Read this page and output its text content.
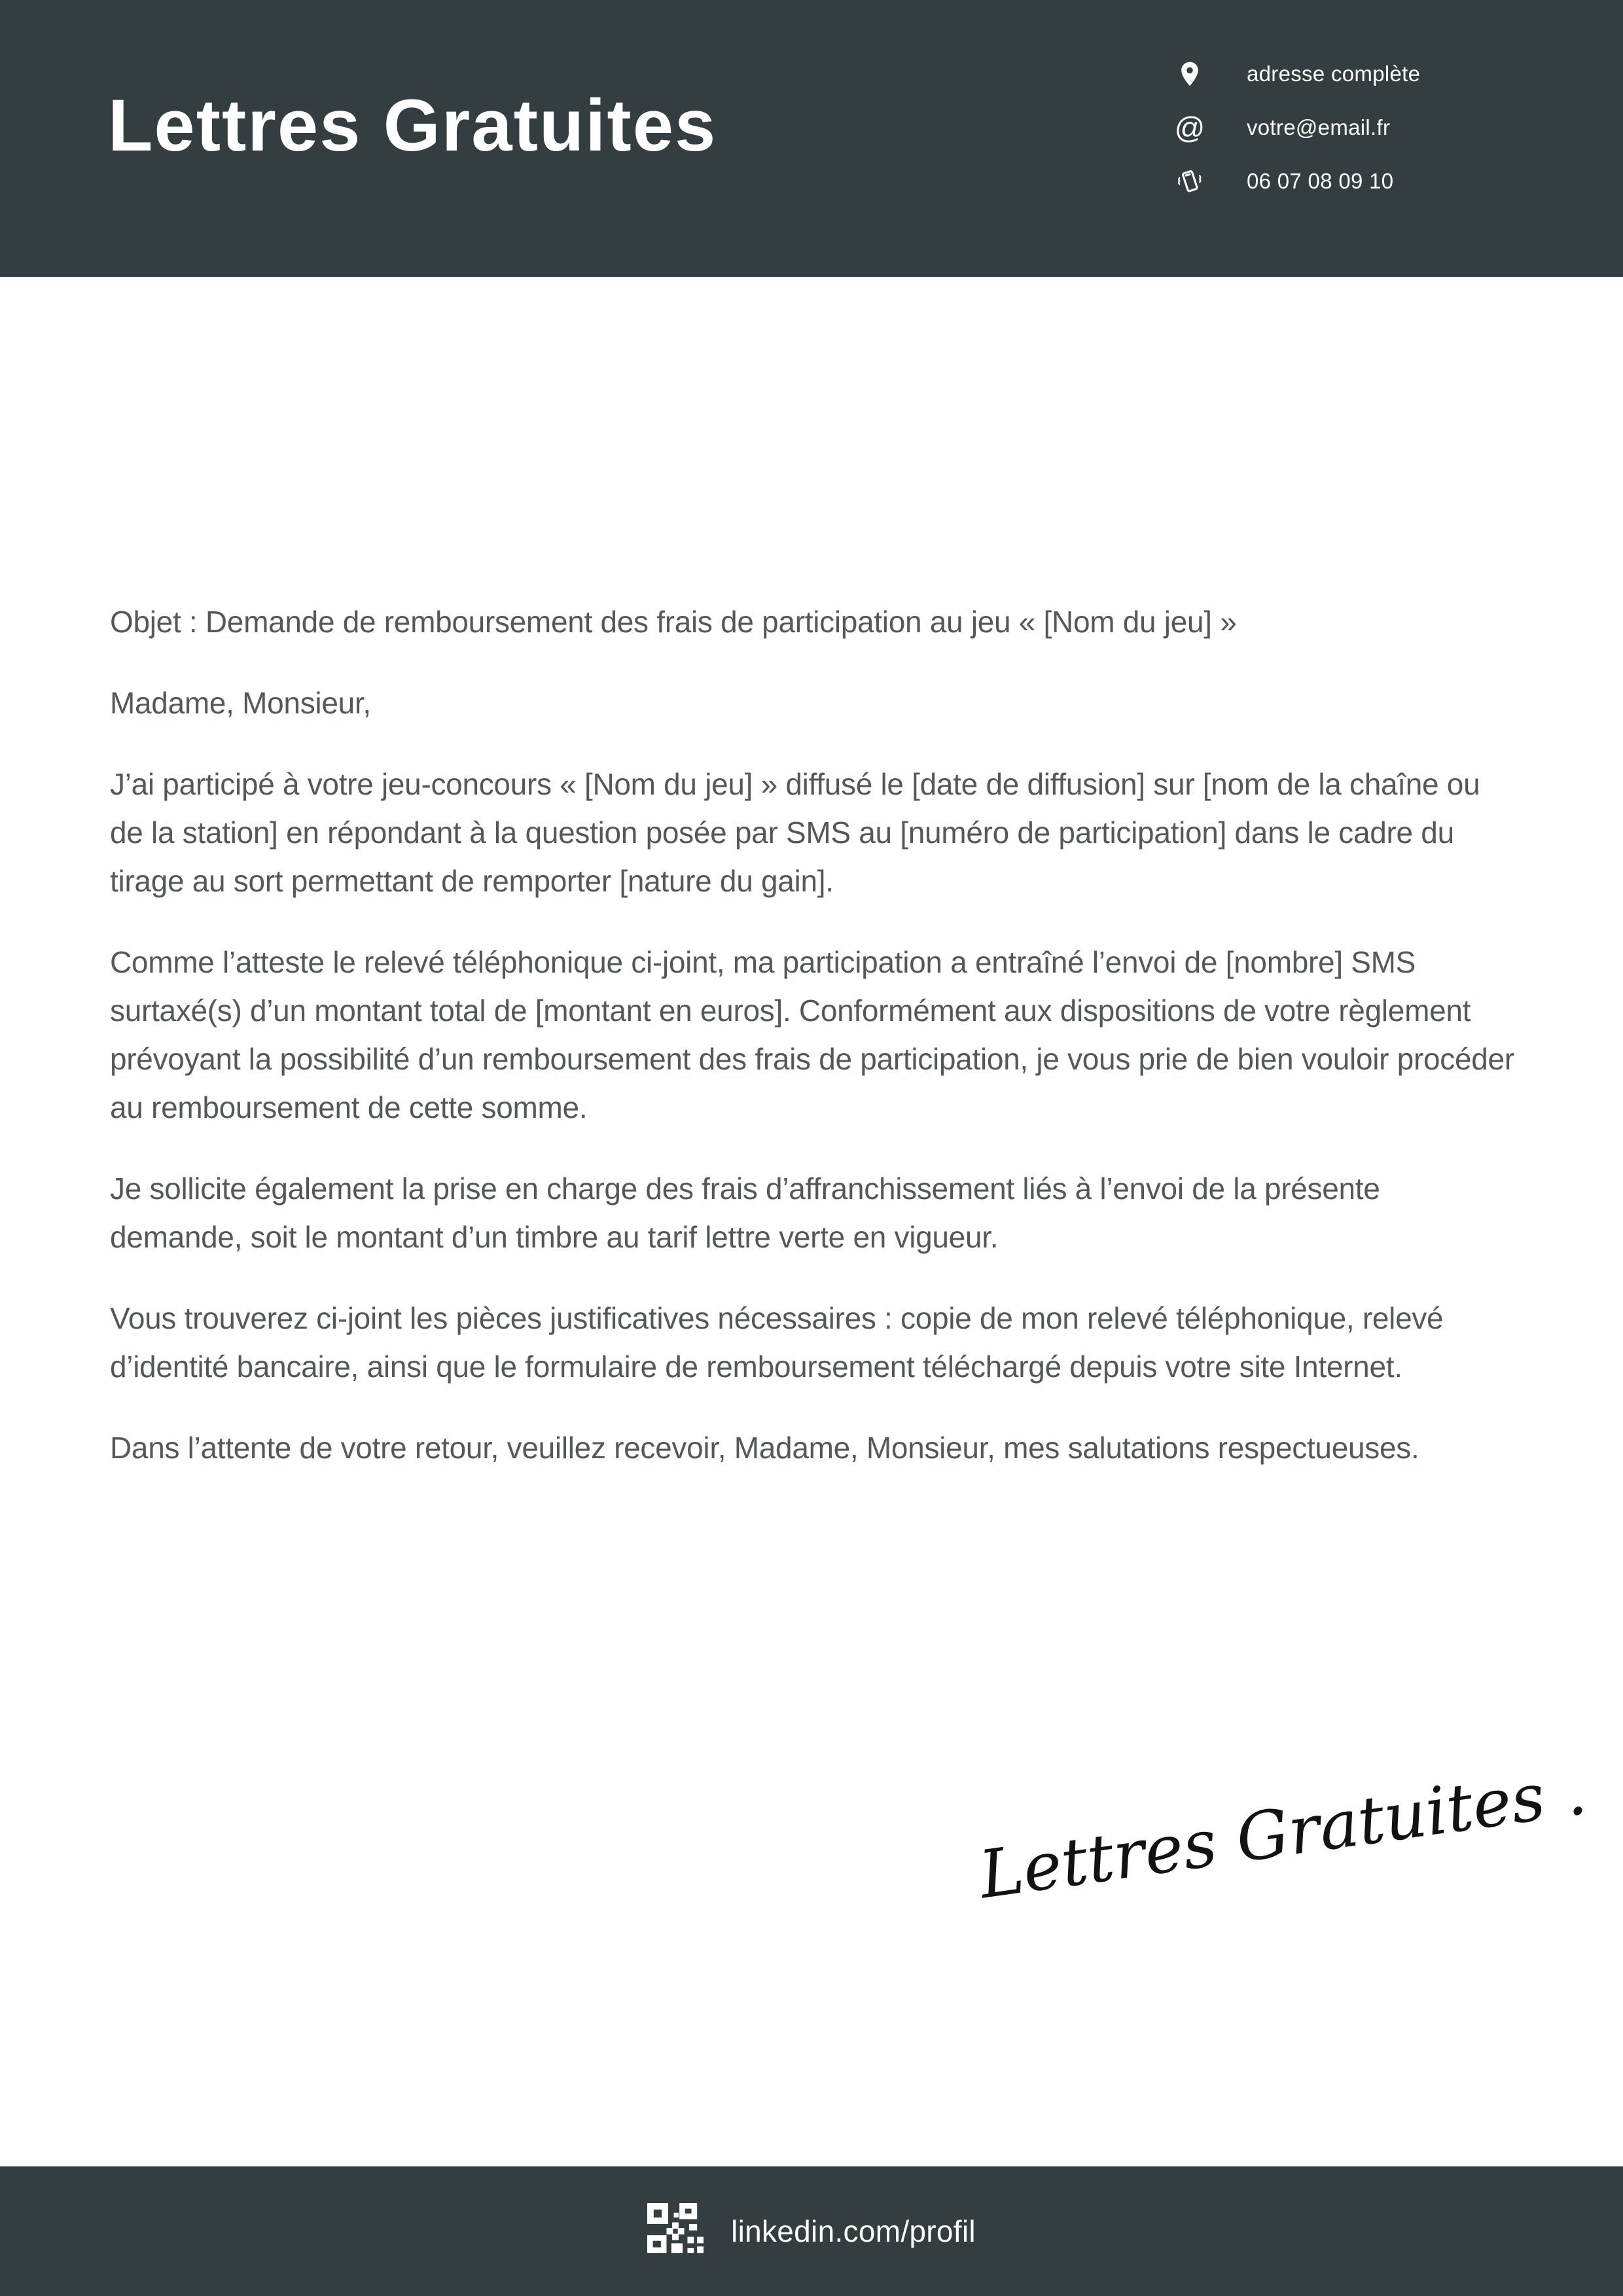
Lettres Gratuites
adresse complète
@ votre@email.fr
06 07 08 09 10

Objet : Demande de remboursement des frais de participation au jeu « [Nom du jeu] »

Madame, Monsieur,

J’ai participé à votre jeu-concours « [Nom du jeu] » diffusé le [date de diffusion] sur [nom de la chaîne ou de la station] en répondant à la question posée par SMS au [numéro de participation] dans le cadre du tirage au sort permettant de remporter [nature du gain].

Comme l’atteste le relevé téléphonique ci-joint, ma participation a entraîné l’envoi de [nombre] SMS surtaxé(s) d’un montant total de [montant en euros]. Conformément aux dispositions de votre règlement prévoyant la possibilité d’un remboursement des frais de participation, je vous prie de bien vouloir procéder au remboursement de cette somme.

Je sollicite également la prise en charge des frais d’affranchissement liés à l’envoi de la présente demande, soit le montant d’un timbre au tarif lettre verte en vigueur.

Vous trouverez ci-joint les pièces justificatives nécessaires : copie de mon relevé téléphonique, relevé d’identité bancaire, ainsi que le formulaire de remboursement téléchargé depuis votre site Internet.

Dans l’attente de votre retour, veuillez recevoir, Madame, Monsieur, mes salutations respectueuses.

Lettres Gratuites .
linkedin.com/profil
